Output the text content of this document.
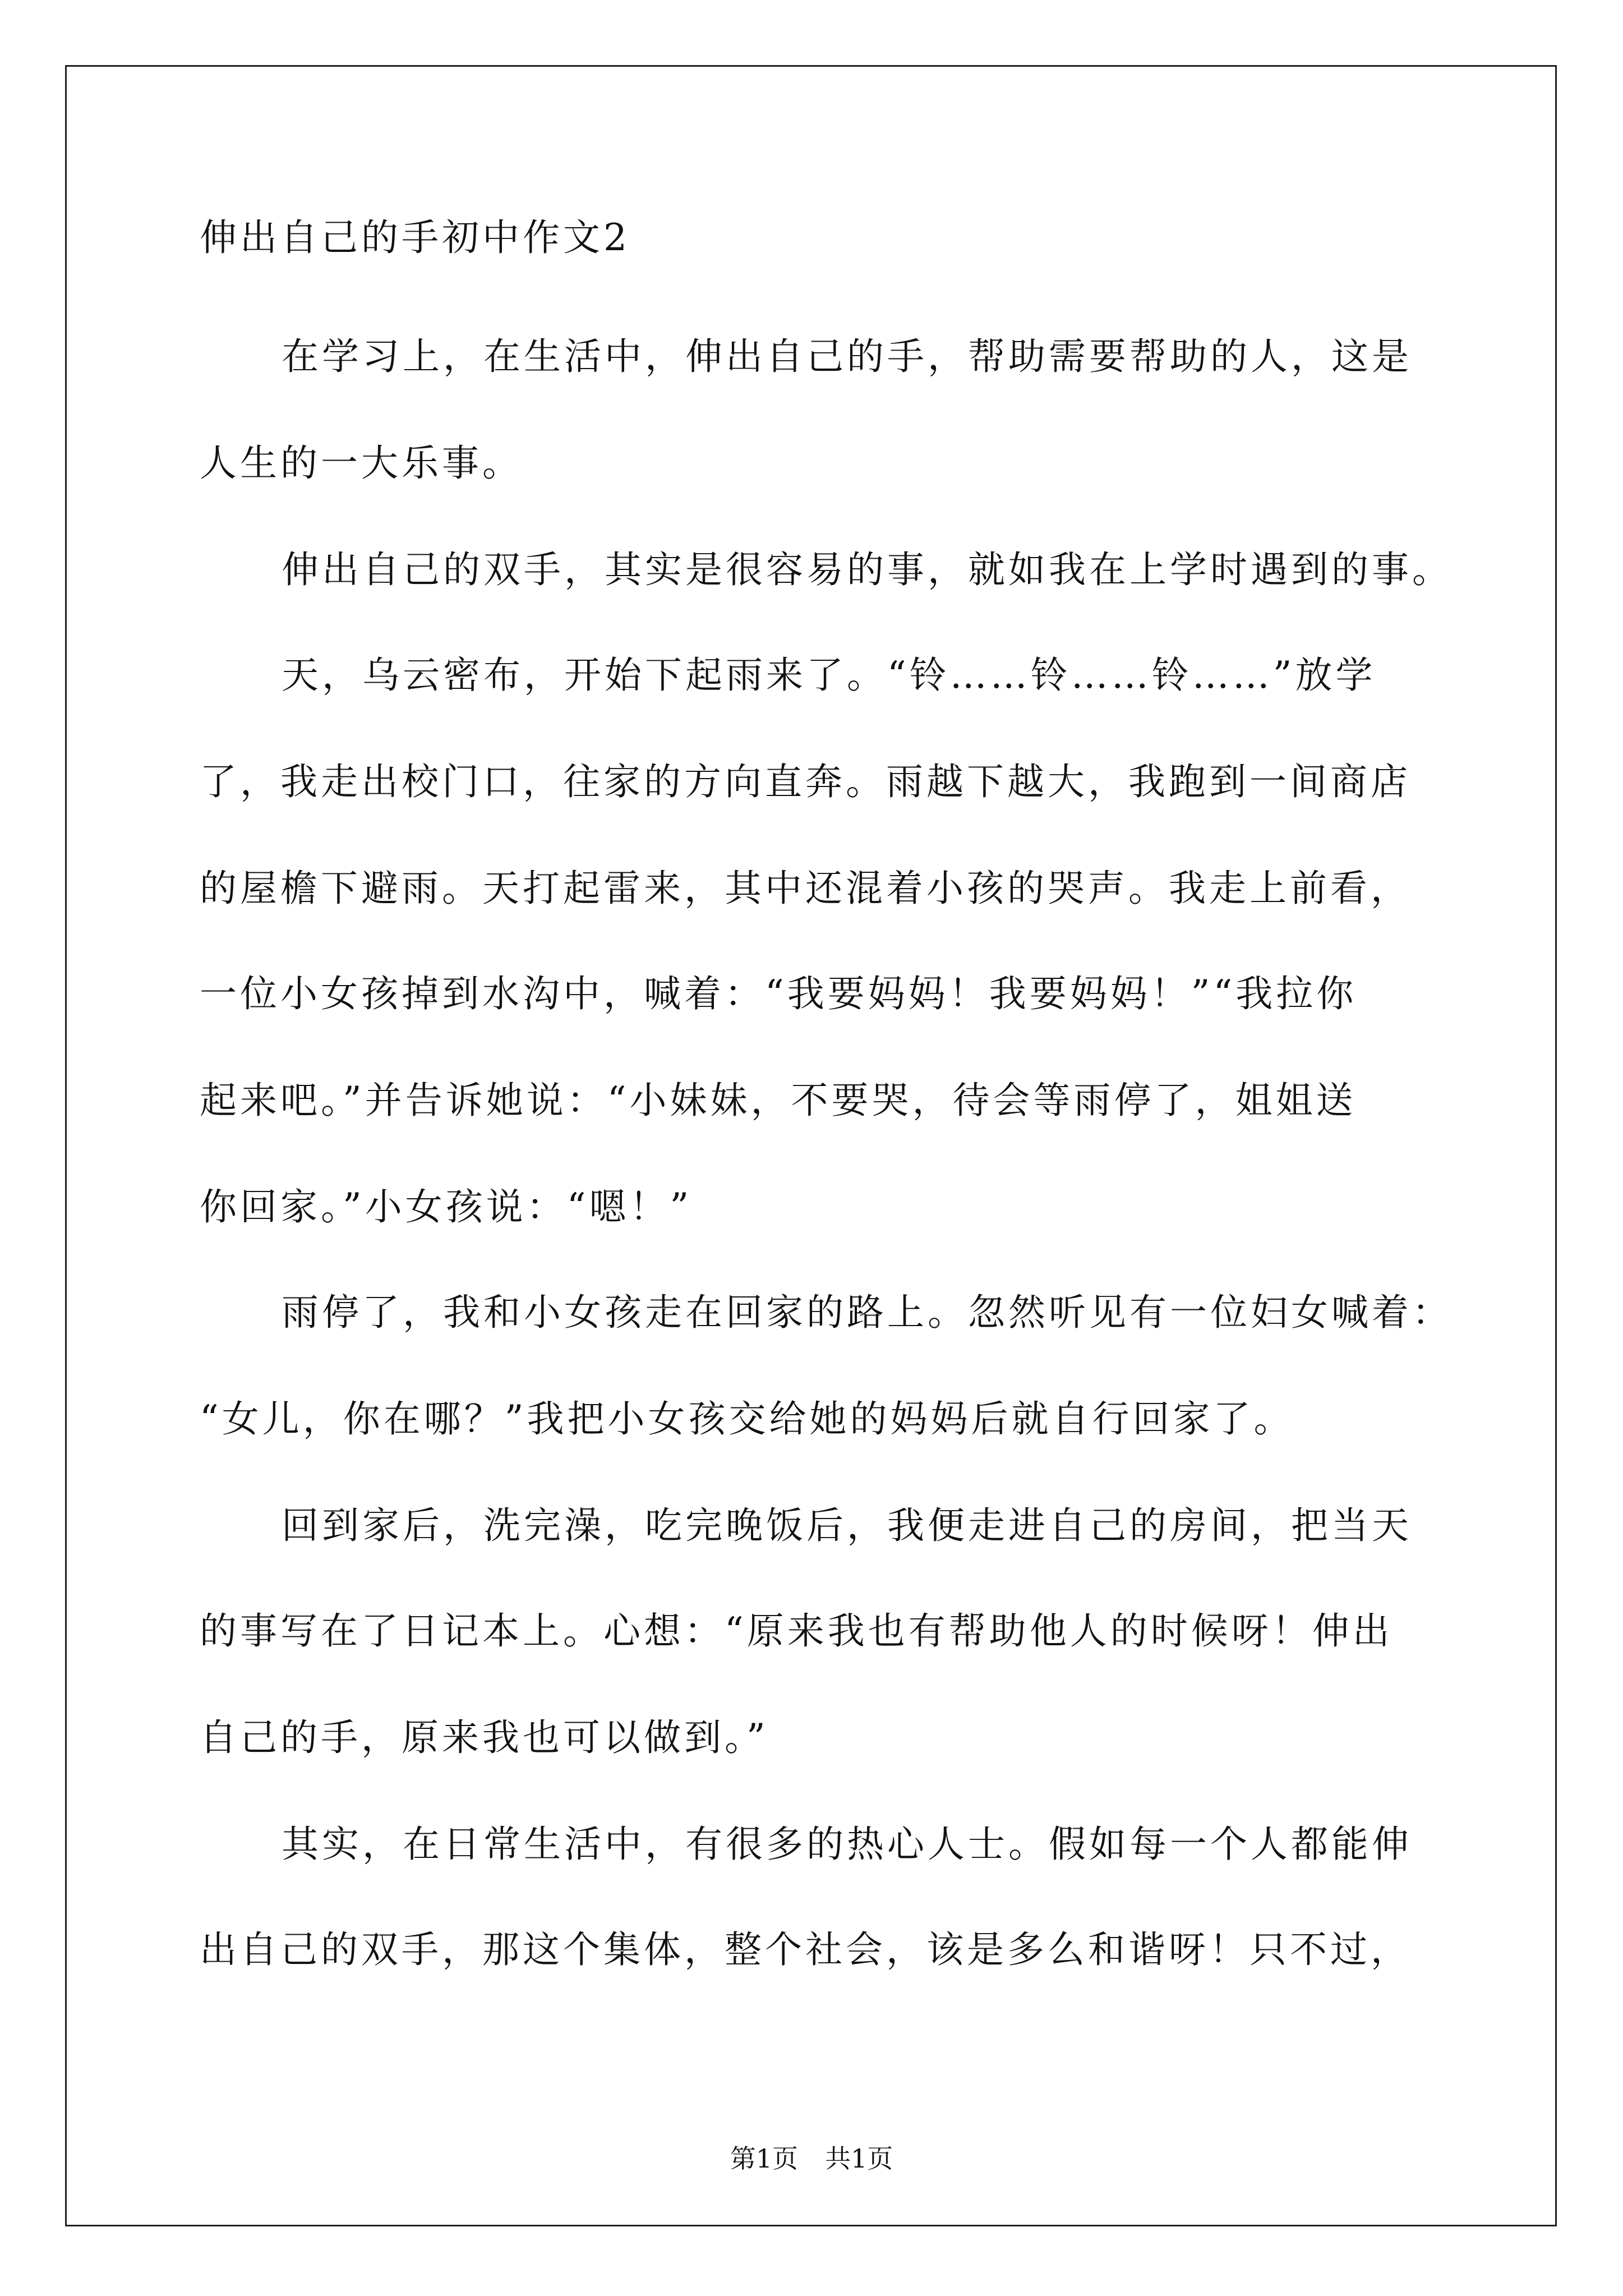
伸出自己的手初中作文2
在学习上，在生活中，伸出自己的手，帮助需要帮助的人，这是
人生的一大乐事。
伸出自己的双手，其实是很容易的事，就如我在上学时遇到的事。
天，乌云密布，开始下起雨来了。“铃……铃……铃……”放学
了，我走出校门口，往家的方向直奔。雨越下越大，我跑到一间商店
的屋檐下避雨。天打起雷来，其中还混着小孩的哭声。我走上前看，
一位小女孩掉到水沟中，喊着：“我要妈妈！我要妈妈！”“我拉你
起来吧。”并告诉她说：“小妹妹，不要哭，待会等雨停了，姐姐送
你回家。”小女孩说：“嗯！”
雨停了，我和小女孩走在回家的路上。忽然听见有一位妇女喊着：
“女儿，你在哪？”我把小女孩交给她的妈妈后就自行回家了。
回到家后，洗完澡，吃完晚饭后，我便走进自己的房间，把当天
的事写在了日记本上。心想：“原来我也有帮助他人的时候呀！伸出
自己的手，原来我也可以做到。”
其实，在日常生活中，有很多的热心人士。假如每一个人都能伸
出自己的双手，那这个集体，整个社会，该是多么和谐呀！只不过，
第1页 共1页
